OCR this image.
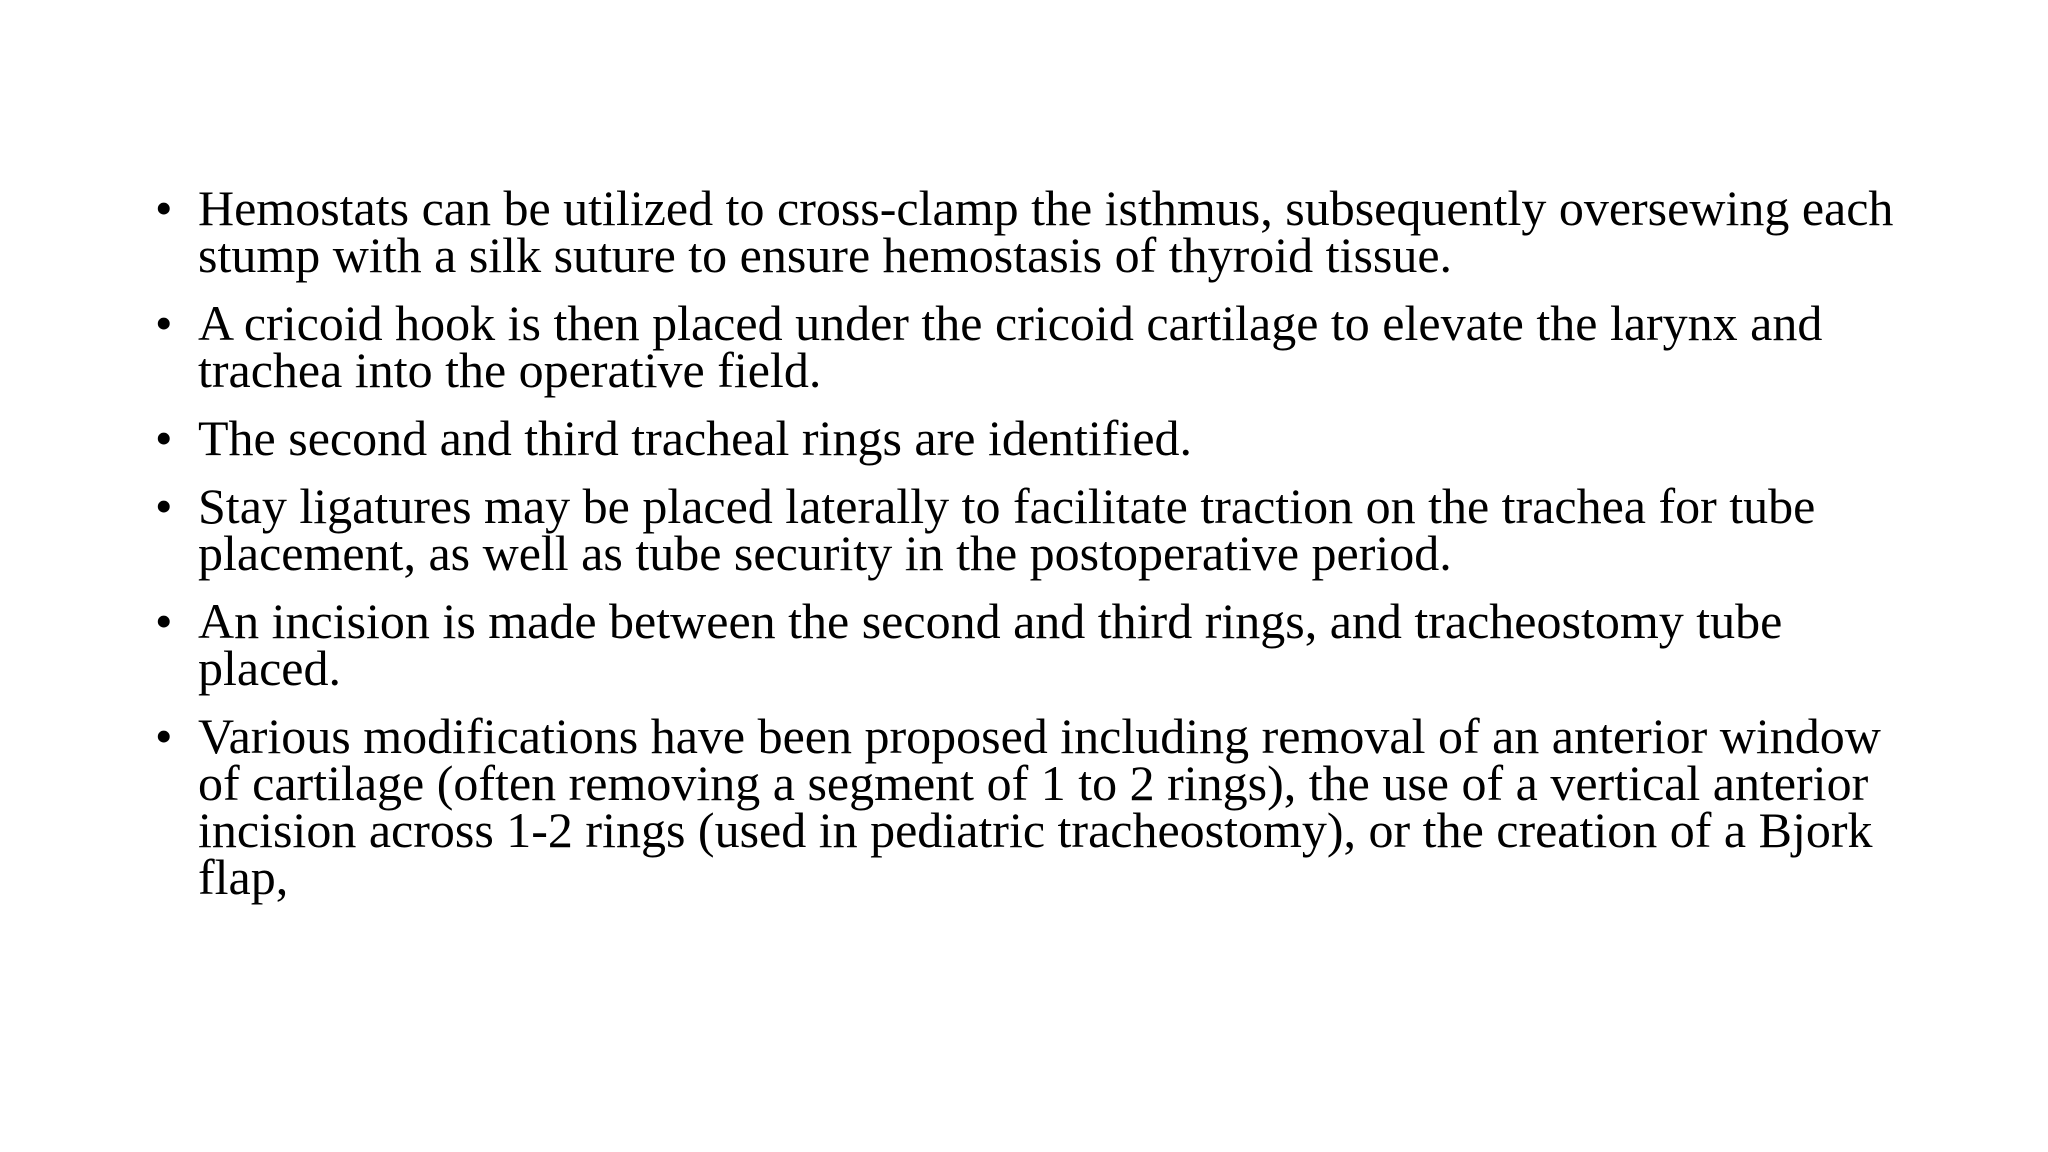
• Hemostats can be utilized to cross-clamp the isthmus, subsequently oversewing each stump with a silk suture to ensure hemostasis of thyroid tissue.
• A cricoid hook is then placed under the cricoid cartilage to elevate the larynx and trachea into the operative field.
• The second and third tracheal rings are identified.
• Stay ligatures may be placed laterally to facilitate traction on the trachea for tube placement, as well as tube security in the postoperative period.
• An incision is made between the second and third rings, and tracheostomy tube placed.
• Various modifications have been proposed including removal of an anterior window of cartilage (often removing a segment of 1 to 2 rings), the use of a vertical anterior incision across 1-2 rings (used in pediatric tracheostomy), or the creation of a Bjork flap,
